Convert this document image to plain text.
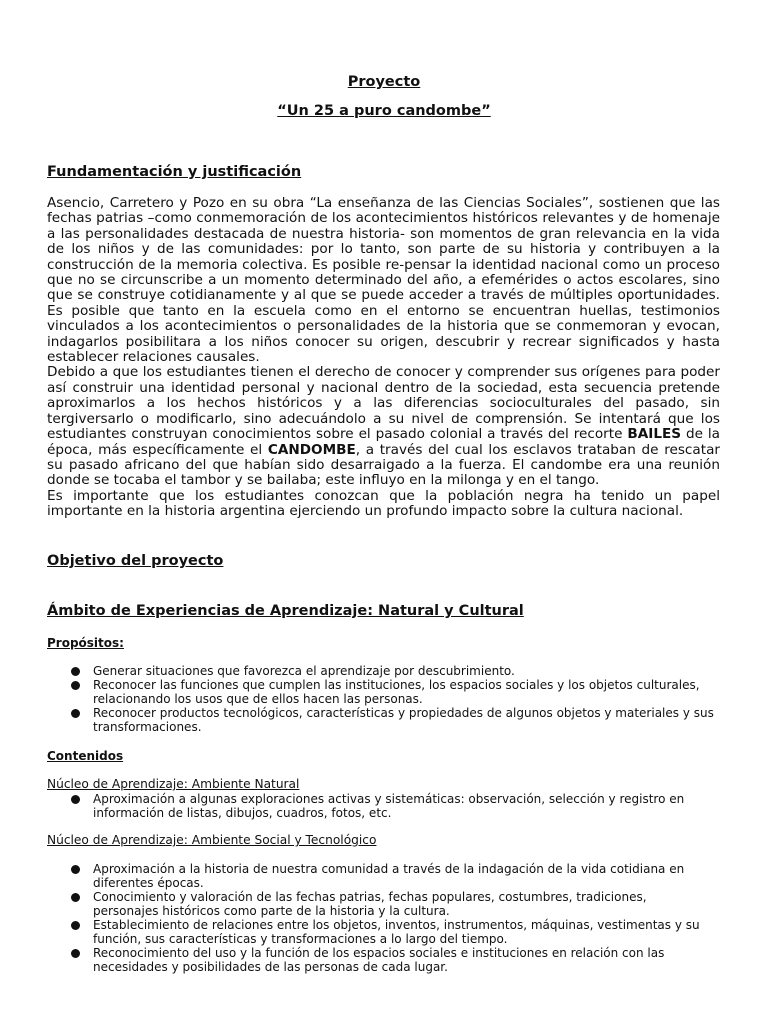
Proyecto
“Un 25 a puro candombe”
Fundamentación y justificación

Asencio, Carretero y Pozo en su obra “La enseñanza de las Ciencias Sociales”, sostienen que las fechas patrias –como conmemoración de los acontecimientos históricos relevantes y de homenaje a las personalidades destacada de nuestra historia- son momentos de gran relevancia en la vida de los niños y de las comunidades: por lo tanto, son parte de su historia y contribuyen a la construcción de la memoria colectiva. Es posible re-pensar la identidad nacional como un proceso que no se circunscribe a un momento determinado del año, a efemérides o actos escolares, sino que se construye cotidianamente y al que se puede acceder a través de múltiples oportunidades. Es posible que tanto en la escuela como en el entorno se encuentran huellas, testimonios vinculados a los acontecimientos o personalidades de la historia que se conmemoran y evocan, indagarlos posibilitara a los niños conocer su origen, descubrir y recrear significados y hasta establecer relaciones causales.

Debido a que los estudiantes tienen el derecho de conocer y comprender sus orígenes para poder así construir una identidad personal y nacional dentro de la sociedad, esta secuencia pretende aproximarlos a los hechos históricos y a las diferencias socioculturales del pasado, sin tergiversarlo o modificarlo, sino adecuándolo a su nivel de comprensión. Se intentará que los estudiantes construyan conocimientos sobre el pasado colonial a través del recorte BAILES de la época, más específicamente el CANDOMBE, a través del cual los esclavos trataban de rescatar su pasado africano del que habían sido desarraigado a la fuerza. El candombe era una reunión donde se tocaba el tambor y se bailaba; este influyo en la milonga y en el tango.

Es importante que los estudiantes conozcan que la población negra ha tenido un papel importante en la historia argentina ejerciendo un profundo impacto sobre la cultura nacional.

Objetivo del proyecto
Ámbito de Experiencias de Aprendizaje: Natural y Cultural
Propósitos:
Generar situaciones que favorezca el aprendizaje por descubrimiento.
Reconocer las funciones que cumplen las instituciones, los espacios sociales y los objetos culturales, relacionando los usos que de ellos hacen las personas.
Reconocer productos tecnológicos, características y propiedades de algunos objetos y materiales y sus transformaciones.
Contenidos
Núcleo de Aprendizaje: Ambiente Natural
Aproximación a algunas exploraciones activas y sistemáticas: observación, selección y registro en información de listas, dibujos, cuadros, fotos, etc.
Núcleo de Aprendizaje: Ambiente Social y Tecnológico
Aproximación a la historia de nuestra comunidad a través de la indagación de la vida cotidiana en diferentes épocas.
Conocimiento y valoración de las fechas patrias, fechas populares, costumbres, tradiciones, personajes históricos como parte de la historia y la cultura.
Establecimiento de relaciones entre los objetos, inventos, instrumentos, máquinas, vestimentas y su función, sus características y transformaciones a lo largo del tiempo.
Reconocimiento del uso y la función de los espacios sociales e instituciones en relación con las necesidades y posibilidades de las personas de cada lugar.
